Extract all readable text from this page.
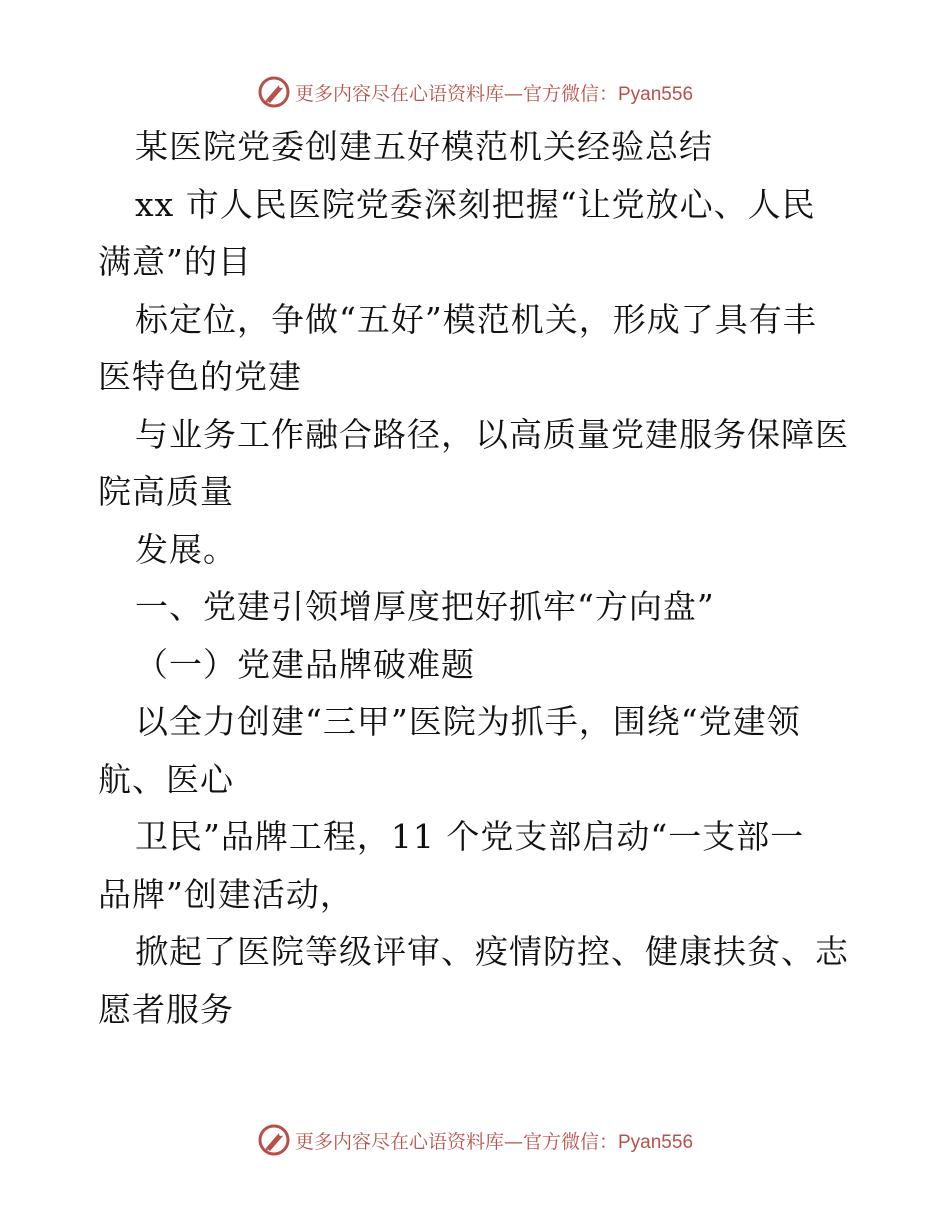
更多内容尽在心语资料库—官方微信：Pyan556
某医院党委创建五好模范机关经验总结
xx 市人民医院党委深刻把握“让党放心、人民
满意”的目
标定位，争做“五好”模范机关，形成了具有丰
医特色的党建
与业务工作融合路径，以高质量党建服务保障医
院高质量
发展。
一、党建引领增厚度把好抓牢“方向盘”
（一）党建品牌破难题
以全力创建“三甲”医院为抓手，围绕“党建领
航、医心
卫民”品牌工程，11 个党支部启动“一支部一
品牌”创建活动，
掀起了医院等级评审、疫情防控、健康扶贫、志
愿者服务
更多内容尽在心语资料库—官方微信：Pyan556
